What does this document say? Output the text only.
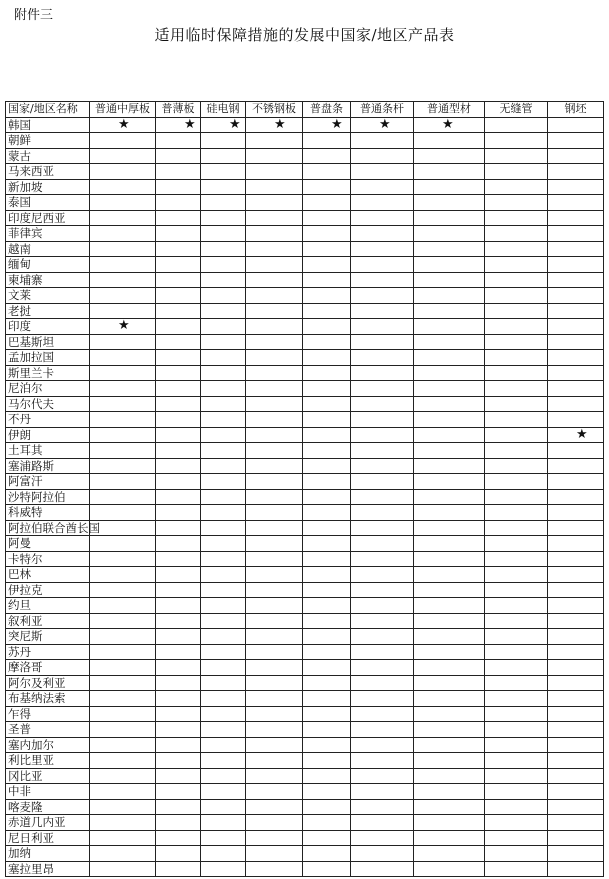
附件三
适用临时保障措施的发展中国家/地区产品表
国家/地区名称	普通中厚板	普薄板	硅电钢	不锈钢板	普盘条	普通条杆	普通型材	无缝管	钢坯
韩国	★	★	★	★	★	★	★		
朝鲜									
蒙古									
马来西亚									
新加坡									
泰国									
印度尼西亚									
菲律宾									
越南									
缅甸									
柬埔寨									
文莱									
老挝									
印度	★								
巴基斯坦									
孟加拉国									
斯里兰卡									
尼泊尔									
马尔代夫									
不丹									
伊朗									★
土耳其									
塞浦路斯									
阿富汗									
沙特阿拉伯									
科威特									
阿拉伯联合酋长国									
阿曼									
卡特尔									
巴林									
伊拉克									
约旦									
叙利亚									
突尼斯									
苏丹									
摩洛哥									
阿尔及利亚									
布基纳法索									
乍得									
圣普									
塞内加尔									
利比里亚									
冈比亚									
中非									
喀麦隆									
赤道几内亚									
尼日利亚									
加纳									
塞拉里昂									
